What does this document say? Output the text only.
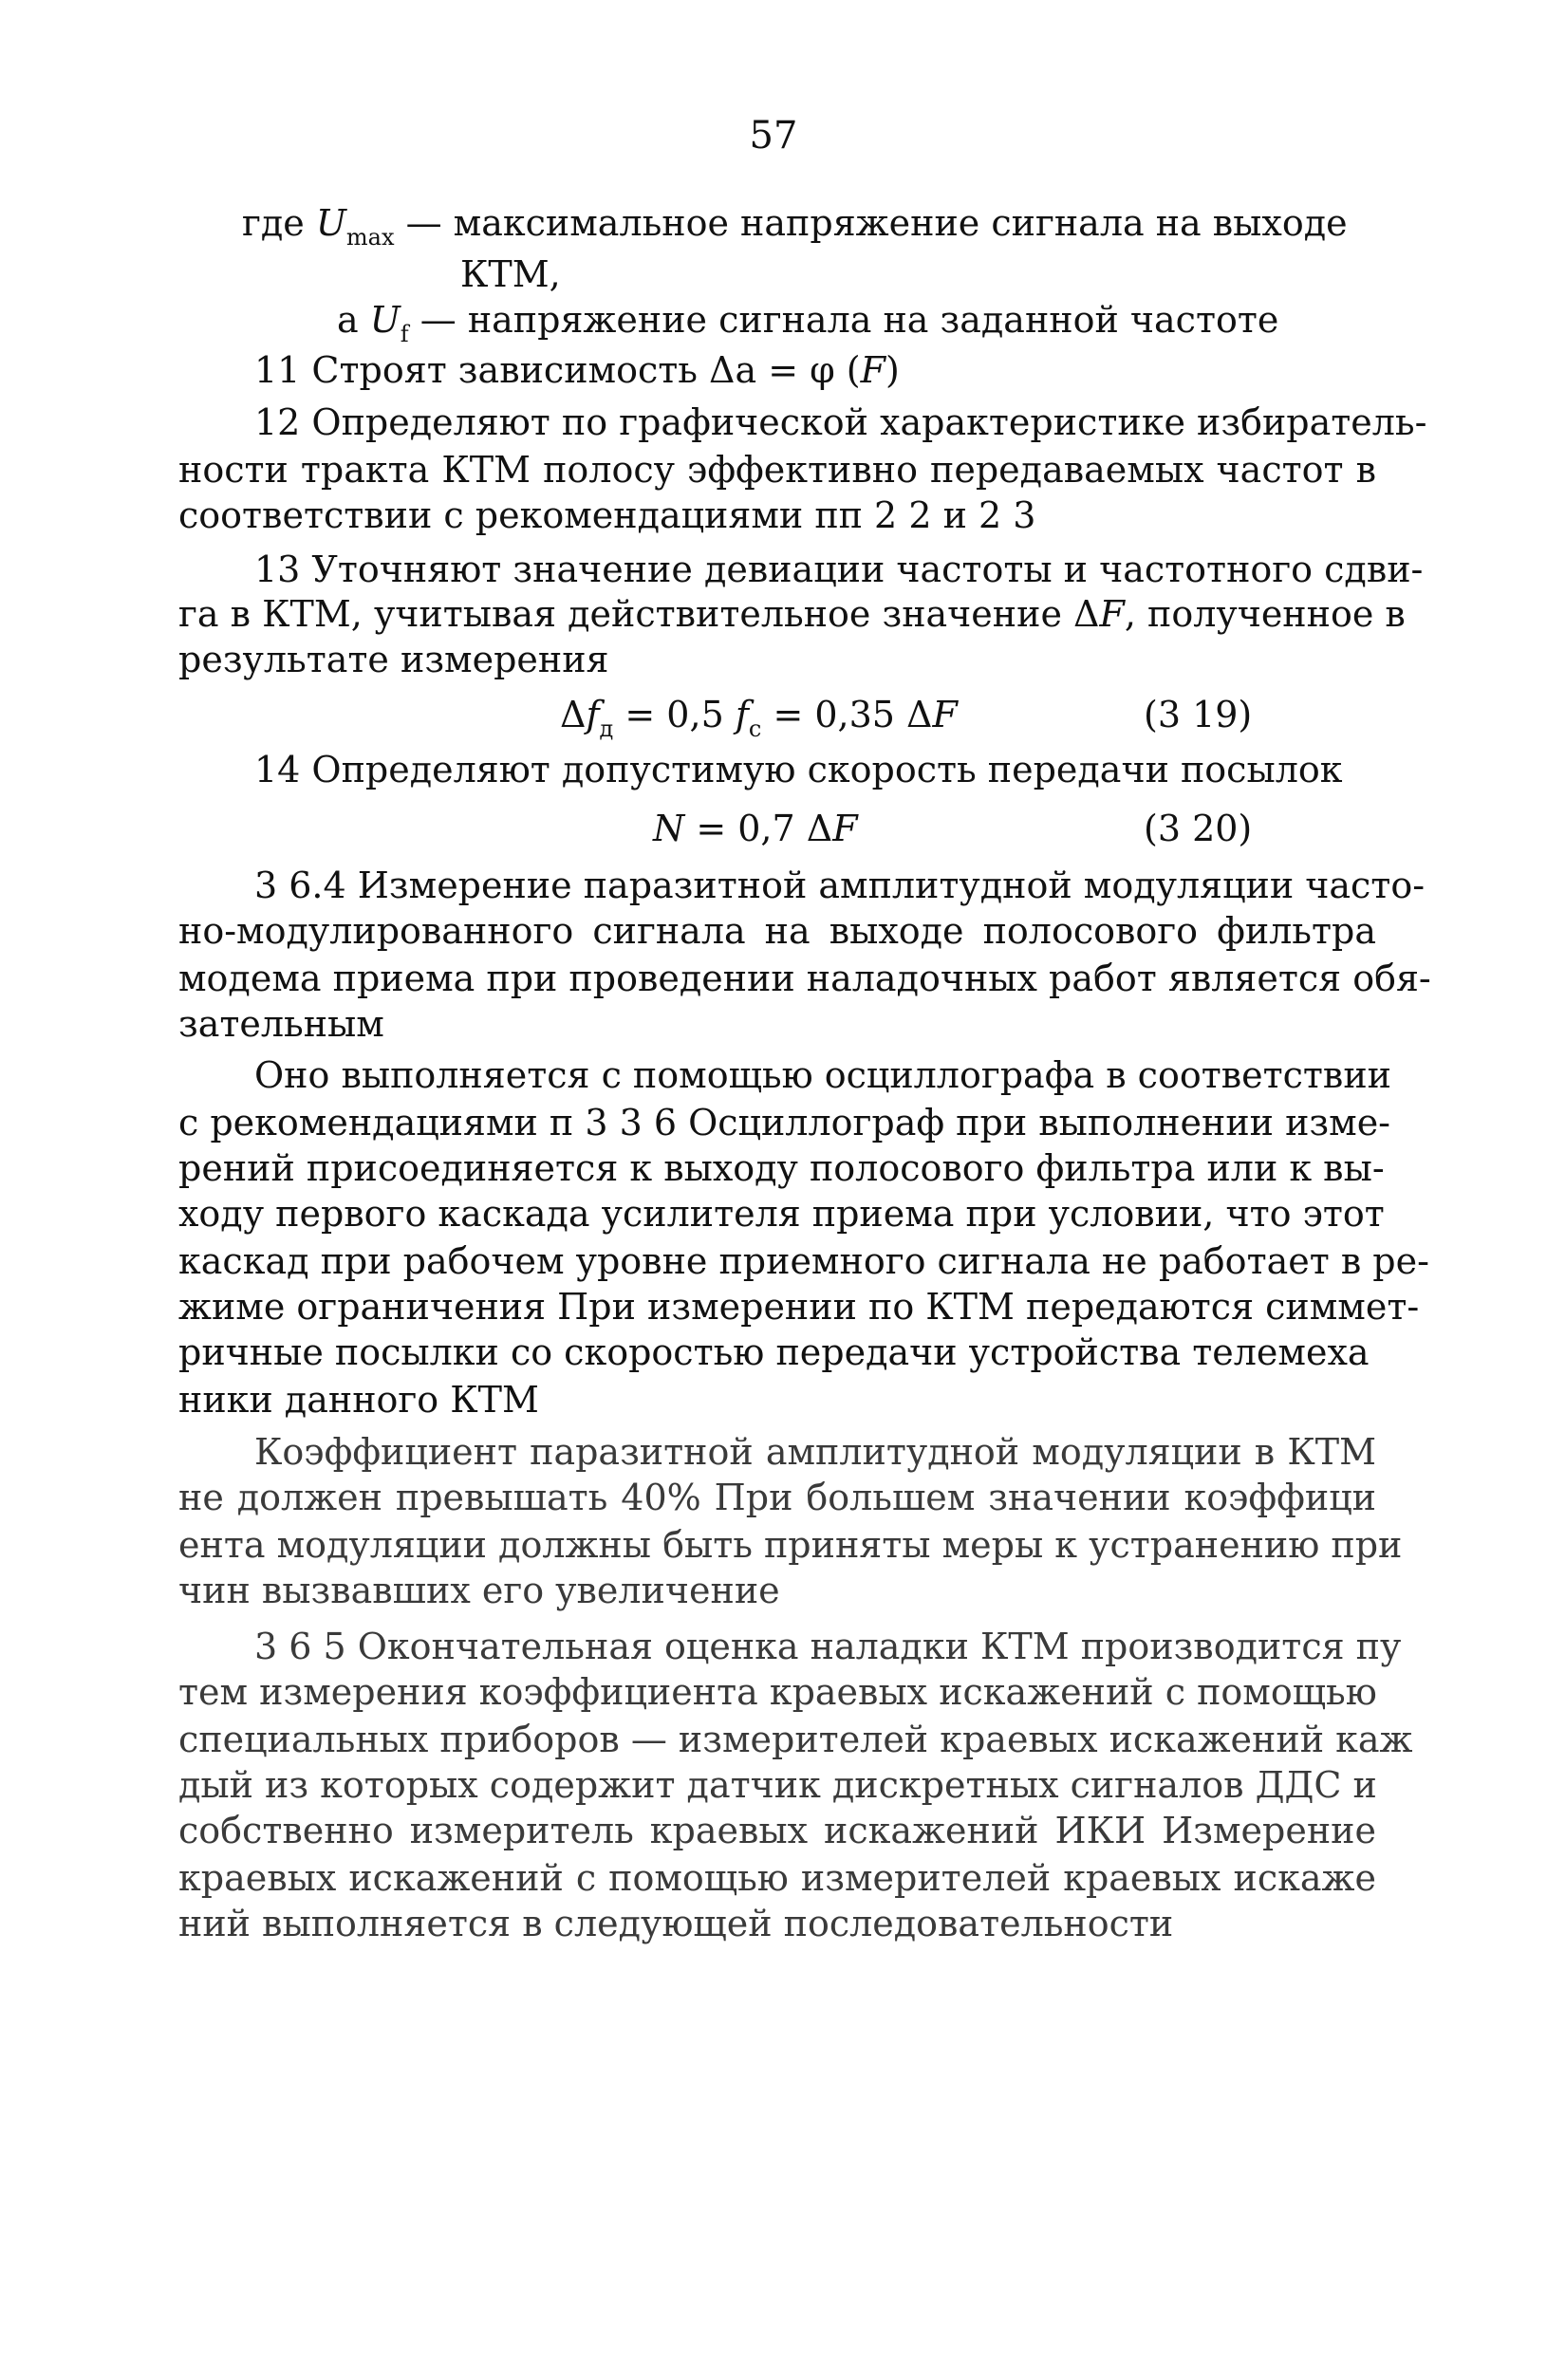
57
где $U_{max}$ — максимальное напряжение сигнала на выходе
КТМ,
а $U_f$ — напряжение сигнала на заданной частоте
11 Строят зависимость Δa = φ (F)
12 Определяют по графической характеристике избиратель-
ности тракта КТМ полосу эффективно передаваемых частот в
соответствии с рекомендациями пп 2 2 и 2 3
13 Уточняют значение девиации частоты и частотного сдви-
га в КТМ, учитывая действительное значение ΔF, полученное в
результате измерения
$\Delta f_д = 0,5$ $f_c = 0,35$ ΔF	(3 19)
14 Определяют допустимую скорость передачи посылок
N = 0,7 ΔF	(3 20)
3 6.4 Измерение паразитной амплитудной модуляции часто-
но-модулированного сигнала на выходе полосового фильтра
модема приема при проведении наладочных работ является обя-
зательным
Оно выполняется с помощью осциллографа в соответствии
с рекомендациями п 3 3 6 Осциллограф при выполнении изме-
рений присоединяется к выходу полосового фильтра или к вы-
ходу первого каскада усилителя приема при условии, что этот
каскад при рабочем уровне приемного сигнала не работает в ре-
жиме ограничения При измерении по КТМ передаются симмет-
ричные посылки со скоростью передачи устройства телемеха
ники данного КТМ
Коэффициент паразитной амплитудной модуляции в КТМ
не должен превышать 40% При большем значении коэффици
ента модуляции должны быть приняты меры к устранению при
чин вызвавших его увеличение
3 6 5 Окончательная оценка наладки КТМ производится пу
тем измерения коэффициента краевых искажений с помощью
специальных приборов — измерителей краевых искажений каж
дый из которых содержит датчик дискретных сигналов ДДС и
собственно измеритель краевых искажений ИКИ Измерение
краевых искажений с помощью измерителей краевых искаже
ний выполняется в следующей последовательности
